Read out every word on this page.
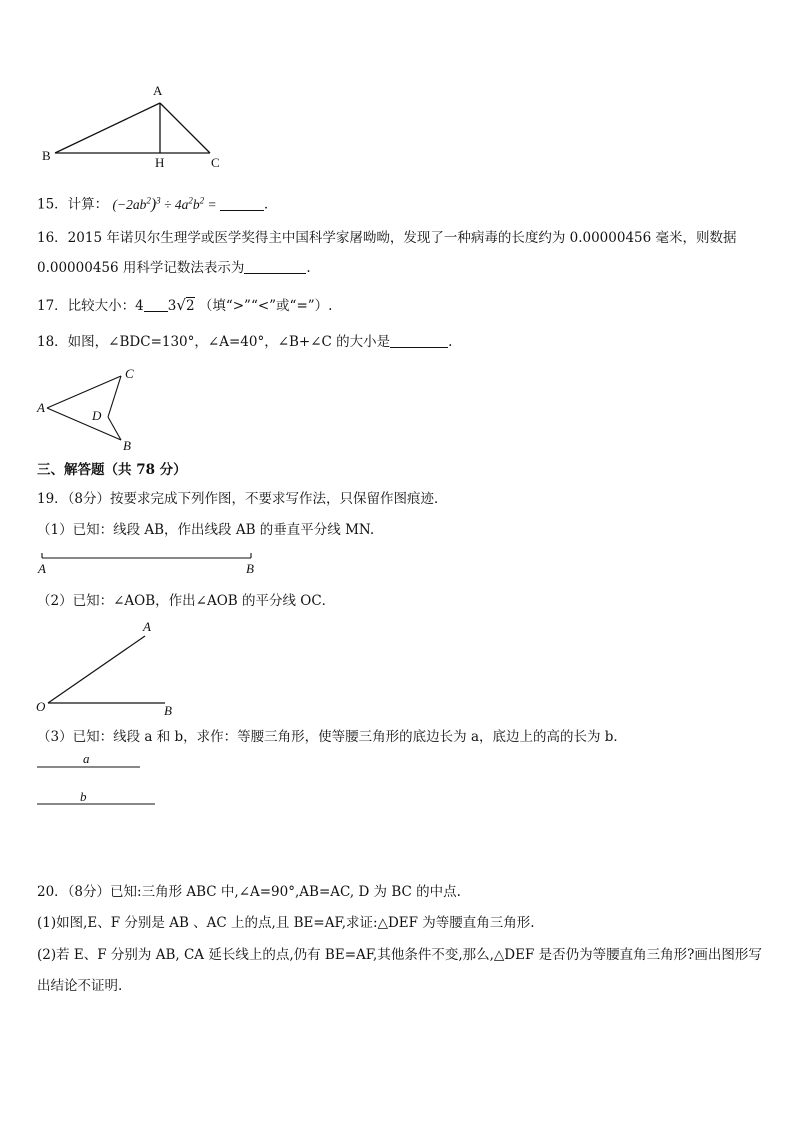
A
B	H	C
15．计算： $(-2ab^2)^3 \div 4a^2b^2$ =	．
16．2015 年诺贝尔生理学或医学奖得主中国科学家屠呦呦，发现了一种病毒的长度约为 0.00000456 毫米，则数据
0.00000456 用科学记数法表示为	.
17．比较大小：4 3√2 （填“>”“<”或“=”）.
18．如图，∠BDC=130°，∠A=40°，∠B+∠C 的大小是	.
A
C
D
B
三、解答题（共 78 分）
19．（8分）按要求完成下列作图，不要求写作法，只保留作图痕迹．
（1）已知：线段 AB，作出线段 AB 的垂直平分线 MN.
A	B
（2）已知：∠AOB，作出∠AOB 的平分线 OC．
A
O	B
（3）已知：线段 a 和 b，求作：等腰三角形，使等腰三角形的底边长为 a，底边上的高的长为 b．
a
b
20．（8分）已知:三角形 ABC 中,∠A=90°,AB=AC, D 为 BC 的中点.
(1)如图,E、F 分别是 AB 、AC 上的点,且 BE=AF,求证:△DEF 为等腰直角三角形.
(2)若 E、F 分别为 AB, CA 延长线上的点,仍有 BE=AF,其他条件不变,那么,△DEF 是否仍为等腰直角三角形?画出图形写
出结论不证明.
